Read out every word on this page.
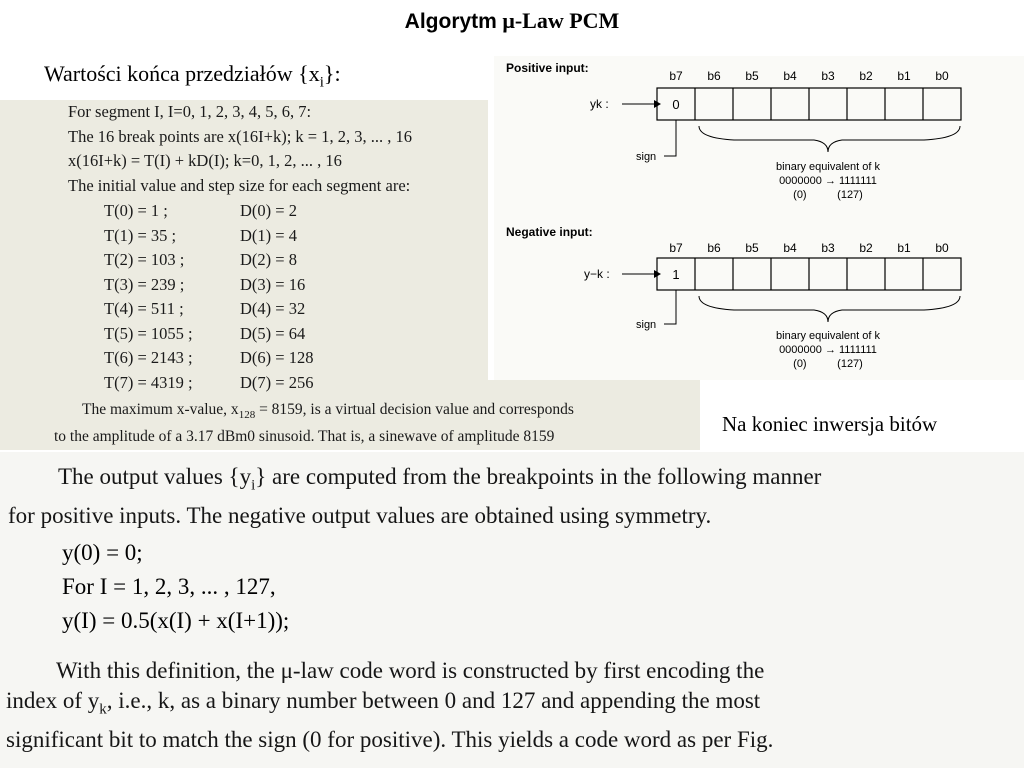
Algorytm μ-Law PCM
Wartości końca przedziałów $\{x_i\}$:
For segment I, I=0, 1, 2, 3, 4, 5, 6, 7:
The 16 break points are x(16I+k); k = 1, 2, 3, ... , 16
x(16I+k) = T(I) + kD(I); k=0, 1, 2, ... , 16
The initial value and step size for each segment are:
T(0) = 1 ;	D(0) = 2
T(1) = 35 ;	D(1) = 4
T(2) = 103 ;	D(2) = 8
T(3) = 239 ;	D(3) = 16
T(4) = 511 ;	D(4) = 32
T(5) = 1055 ;	D(5) = 64
T(6) = 2143 ;	D(6) = 128
T(7) = 4319 ;	D(7) = 256
The maximum x-value, $x_{128} = 8159$, is a virtual decision value and corresponds
to the amplitude of a 3.17 dBm0 sinusoid. That is, a sinewave of amplitude 8159
Positive input:
b7 b6 b5 b4 b3 b2 b1 b0
yk :	0
sign
binary equivalent of k
0000000 → 1111111
(0)          (127)
Negative input:
b7 b6 b5 b4 b3 b2 b1 b0
y−k :	1
sign
binary equivalent of k
0000000 → 1111111
(0)          (127)
Na koniec inwersja bitów
The output values $\{y_i\}$ are computed from the breakpoints in the following manner
for positive inputs. The negative output values are obtained using symmetry.
y(0) = 0;
For I = 1, 2, 3, ... , 127,
y(I) = 0.5(x(I) + x(I+1));
With this definition, the μ-law code word is constructed by first encoding the
index of $y_k$, i.e., k, as a binary number between 0 and 127 and appending the most
significant bit to match the sign (0 for positive). This yields a code word as per Fig.
